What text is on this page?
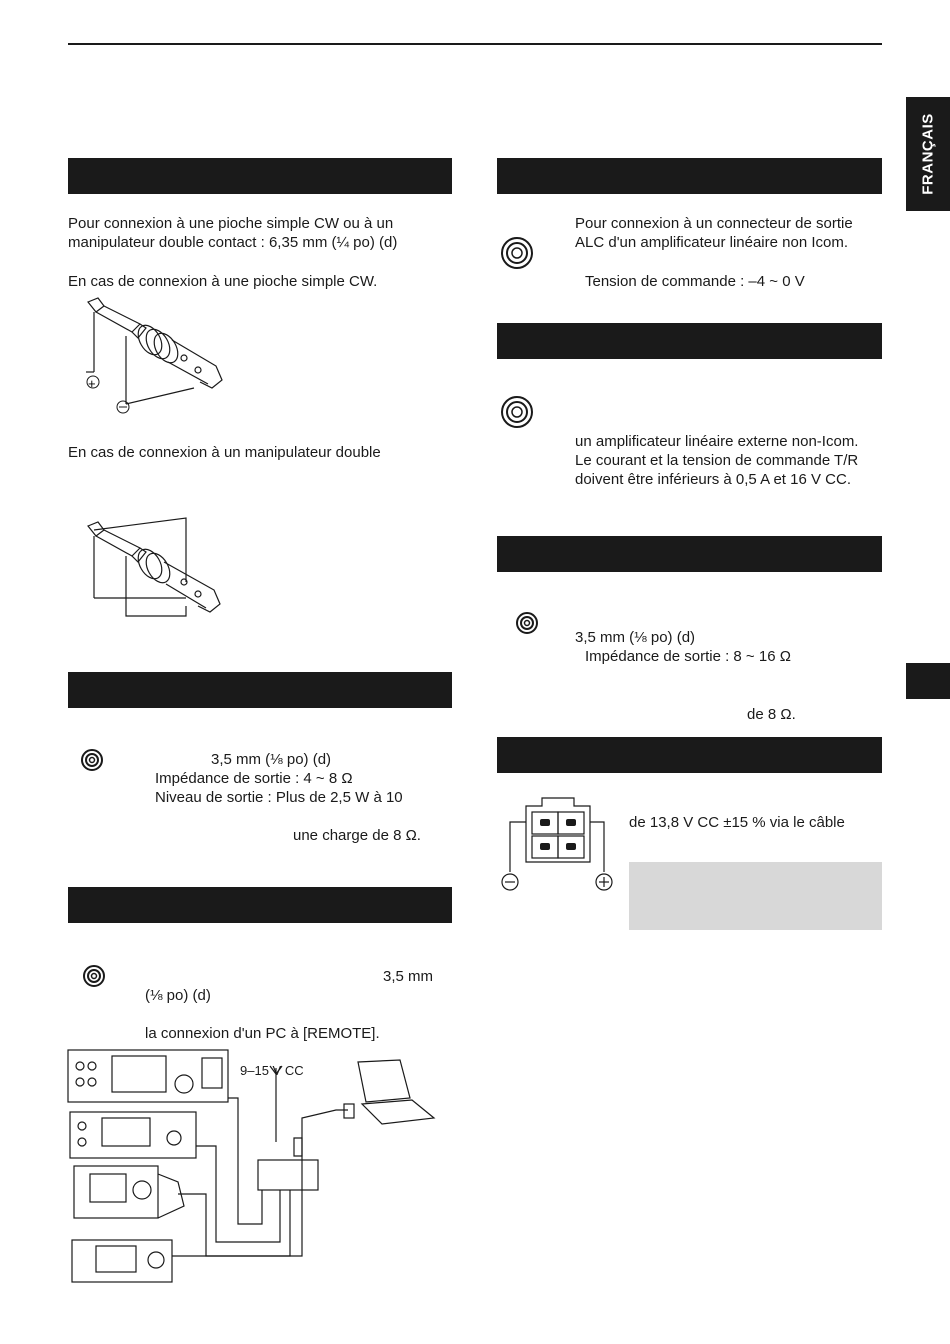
FRANÇAIS
Pour connexion à une pioche simple CW ou à un
manipulateur double contact : 6,35 mm (¼ po) (d)
En cas de connexion à une pioche simple CW.
+
En cas de connexion à un manipulateur double
3,5 mm (⅛ po) (d)
Impédance de sortie : 4 ~ 8 Ω
Niveau de sortie : Plus de 2,5 W à 10
une charge de 8 Ω.
3,5 mm
(⅛ po) (d)
la connexion d'un PC à [REMOTE].
9–15 V CC
Pour connexion à un connecteur de sortie
ALC d'un amplificateur linéaire non Icom.
Tension de commande : –4 ~ 0 V
un amplificateur linéaire externe non-Icom.
Le courant et la tension de commande T/R
doivent être inférieurs à 0,5 A et 16 V CC.
3,5 mm (⅛ po) (d)
Impédance de sortie : 8 ~ 16 Ω
de 8 Ω.
de 13,8 V CC ±15 % via le câble
